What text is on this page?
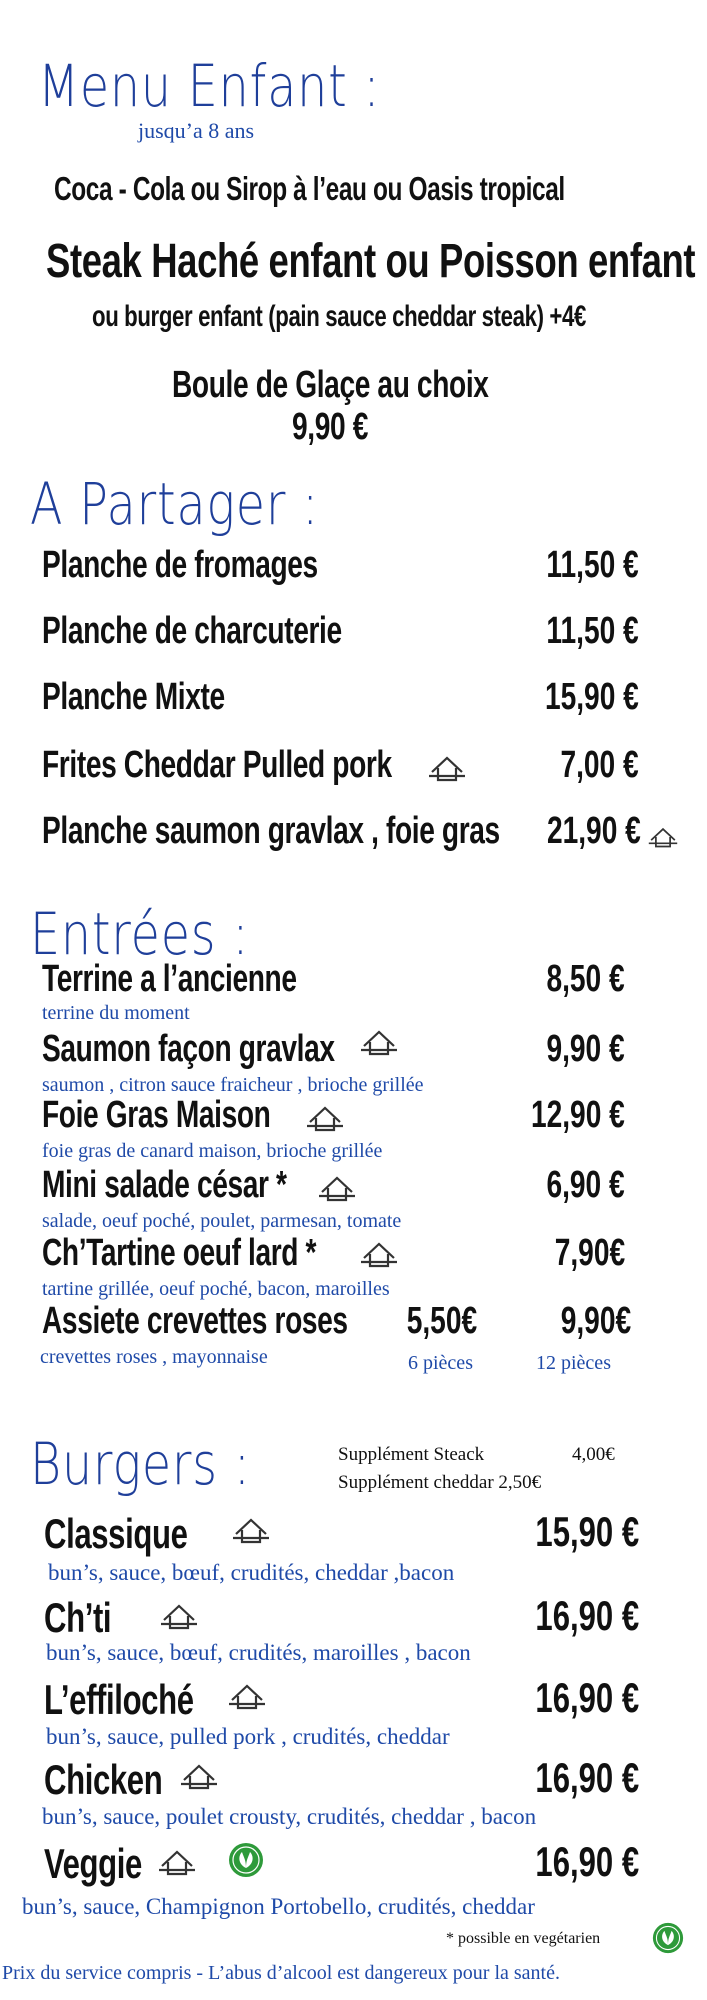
Menu Enfant :
jusqu’a 8 ans
Coca - Cola ou Sirop à l’eau ou Oasis tropical
Steak Haché enfant ou Poisson enfant
ou burger enfant (pain sauce cheddar steak) +4€
Boule de Glaçe au choix
9,90 €
A Partager :
Planche de fromages	11,50 €
Planche de charcuterie	11,50 €
Planche Mixte	15,90 €
Frites Cheddar Pulled pork	7,00 €
Planche saumon gravlax , foie gras 21,90 €
Entrées :
Terrine a l’ancienne	8,50 €
terrine du moment
Saumon façon gravlax	9,90 €
saumon , citron sauce fraicheur , brioche grillée
Foie Gras Maison	12,90 €
foie gras de canard maison, brioche grillée
Mini salade césar *	6,90 €
salade, oeuf poché, poulet, parmesan, tomate
Ch’Tartine oeuf lard *	7,90€
tartine grillée, oeuf poché, bacon, maroilles
Assiete crevettes roses 5,50€ 9,90€
crevettes roses , mayonnaise	6 pièces	12 pièces
Burgers :	Supplément Steack	4,00€
Supplément cheddar 2,50€
Classique	15,90 €
bun’s, sauce, bœuf, crudités, cheddar ,bacon
Ch’ti	16,90 €
bun’s, sauce, bœuf, crudités, maroilles , bacon
L’effiloché	16,90 €
bun’s, sauce, pulled pork , crudités, cheddar
Chicken	16,90 €
bun’s, sauce, poulet crousty, crudités, cheddar , bacon
Veggie	16,90 €
bun’s, sauce, Champignon Portobello, crudités, cheddar
* possible en vegétarien
Prix du service compris - L’abus d’alcool est dangereux pour la santé.
